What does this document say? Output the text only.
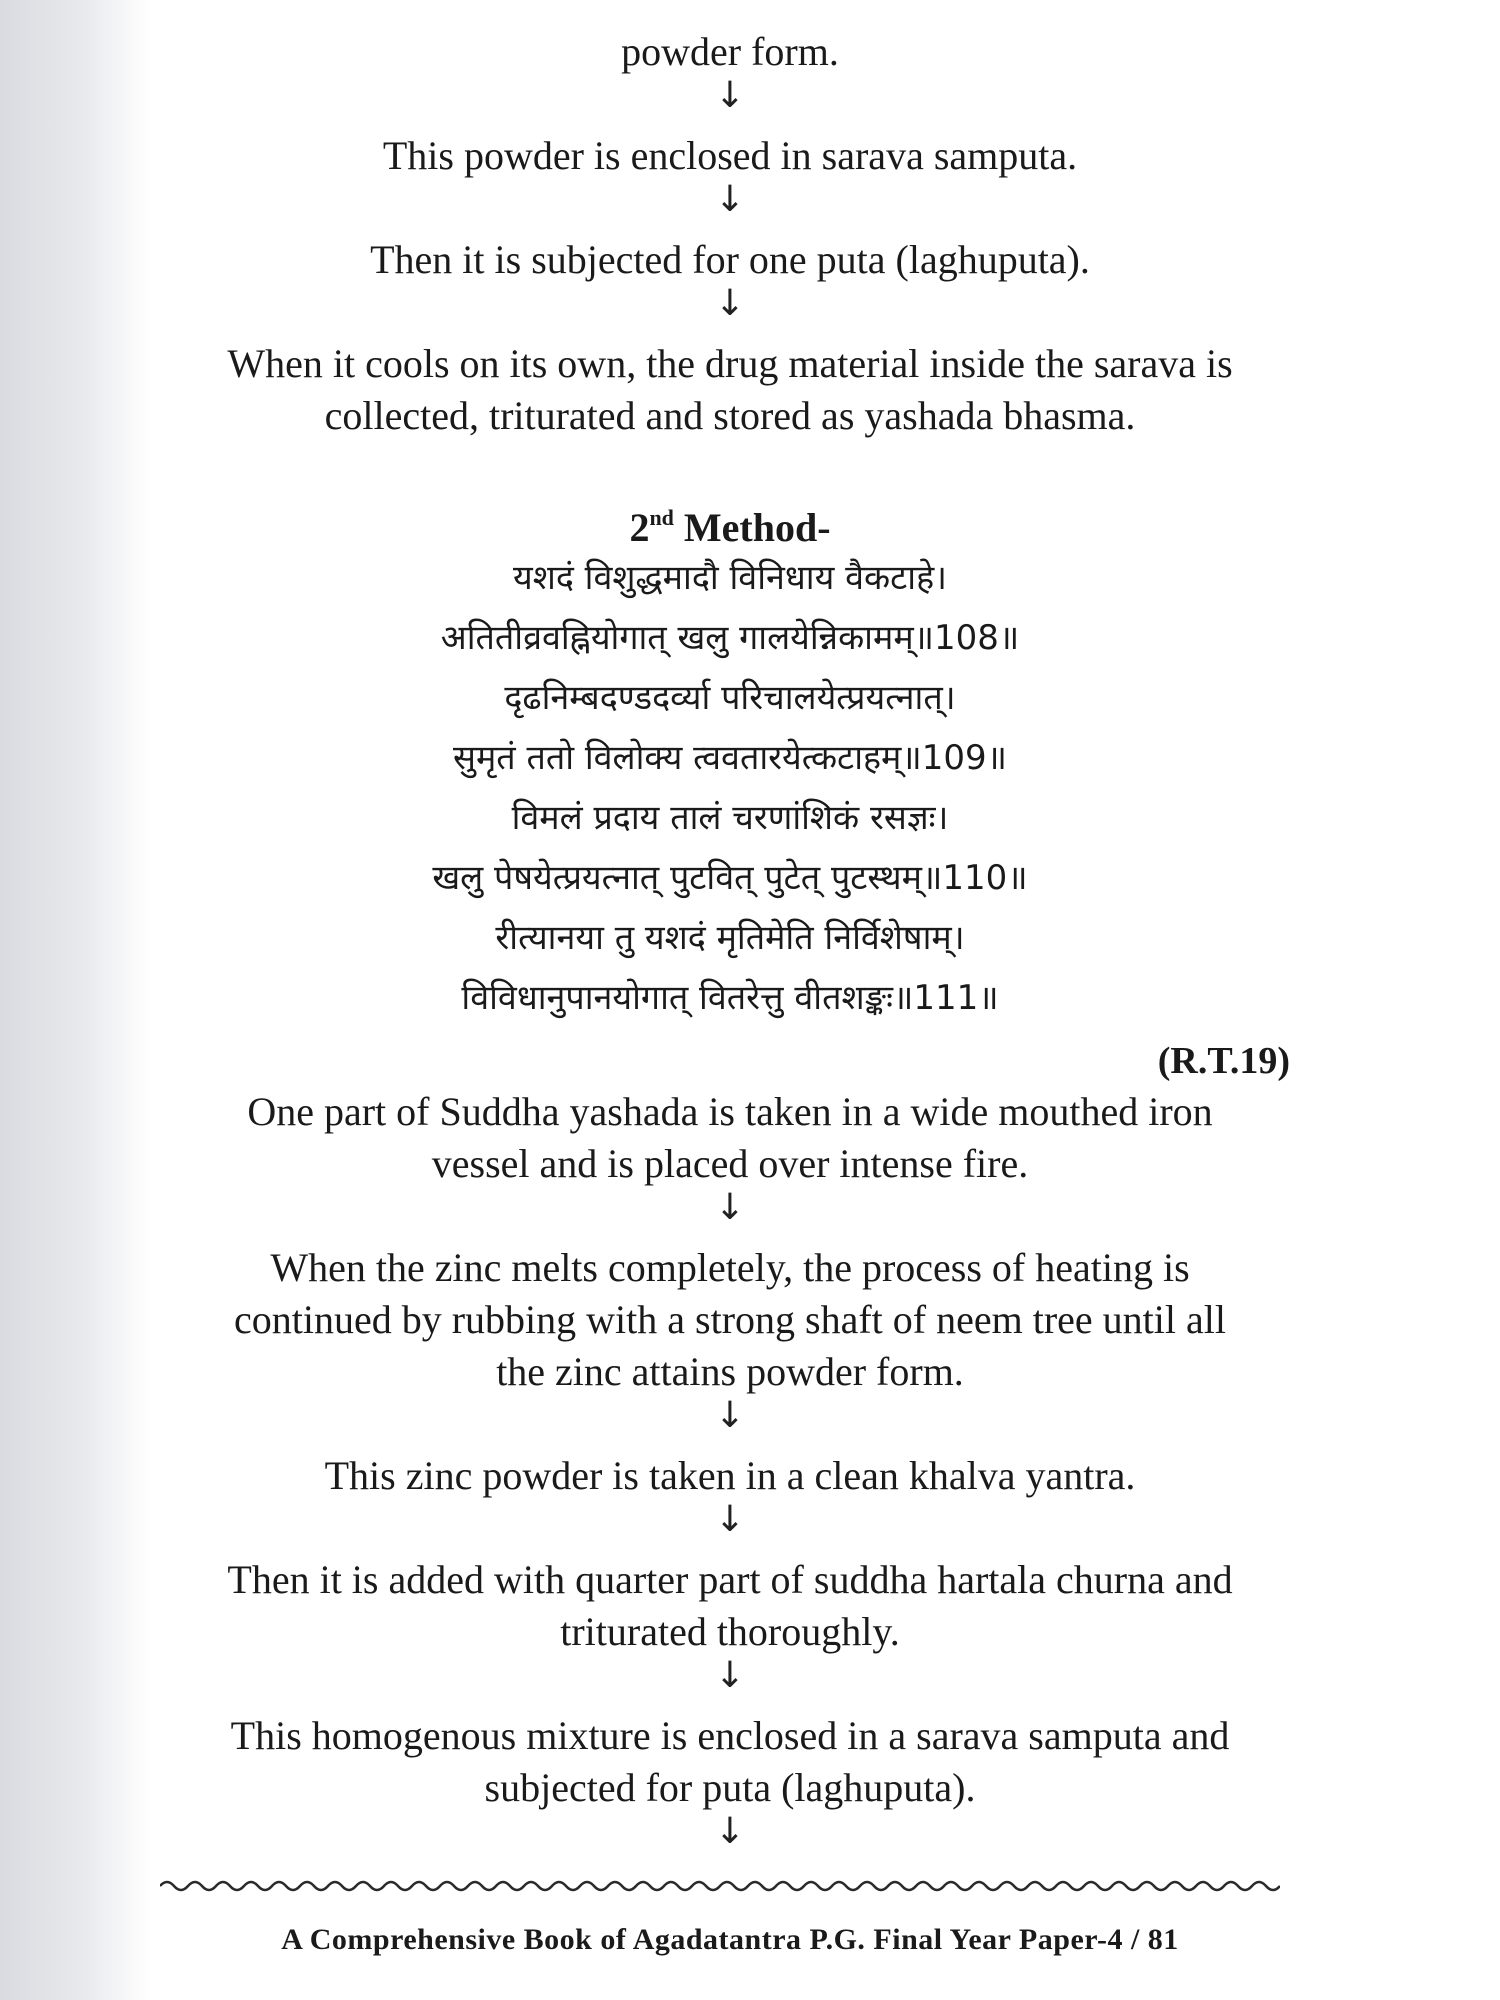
powder form.
↓
This powder is enclosed in sarava samputa.
↓
Then it is subjected for one puta (laghuputa).
↓
When it cools on its own, the drug material inside the sarava is
collected, triturated and stored as yashada bhasma.
2nd Method-
यशदं विशुद्धमादौ विनिधाय वैकटाहे।
अतितीव्रवह्नियोगात् खलु गालयेन्निकामम्॥108॥
दृढनिम्बदण्डदर्व्या परिचालयेत्प्रयत्नात्।
सुमृतं ततो विलोक्य त्ववतारयेत्कटाहम्॥109॥
विमलं प्रदाय तालं चरणांशिकं रसज्ञः।
खलु पेषयेत्प्रयत्नात् पुटवित् पुटेत् पुटस्थम्॥110॥
रीत्यानया तु यशदं मृतिमेति निर्विशेषाम्।
विविधानुपानयोगात् वितरेत्तु वीतशङ्कः॥111॥
(R.T.19)
One part of Suddha yashada is taken in a wide mouthed iron
vessel and is placed over intense fire.
↓
When the zinc melts completely, the process of heating is
continued by rubbing with a strong shaft of neem tree until all
the zinc attains powder form.
↓
This zinc powder is taken in a clean khalva yantra.
↓
Then it is added with quarter part of suddha hartala churna and
triturated thoroughly.
↓
This homogenous mixture is enclosed in a sarava samputa and
subjected for puta (laghuputa).
↓
A Comprehensive Book of Agadatantra P.G. Final Year Paper-4 / 81
